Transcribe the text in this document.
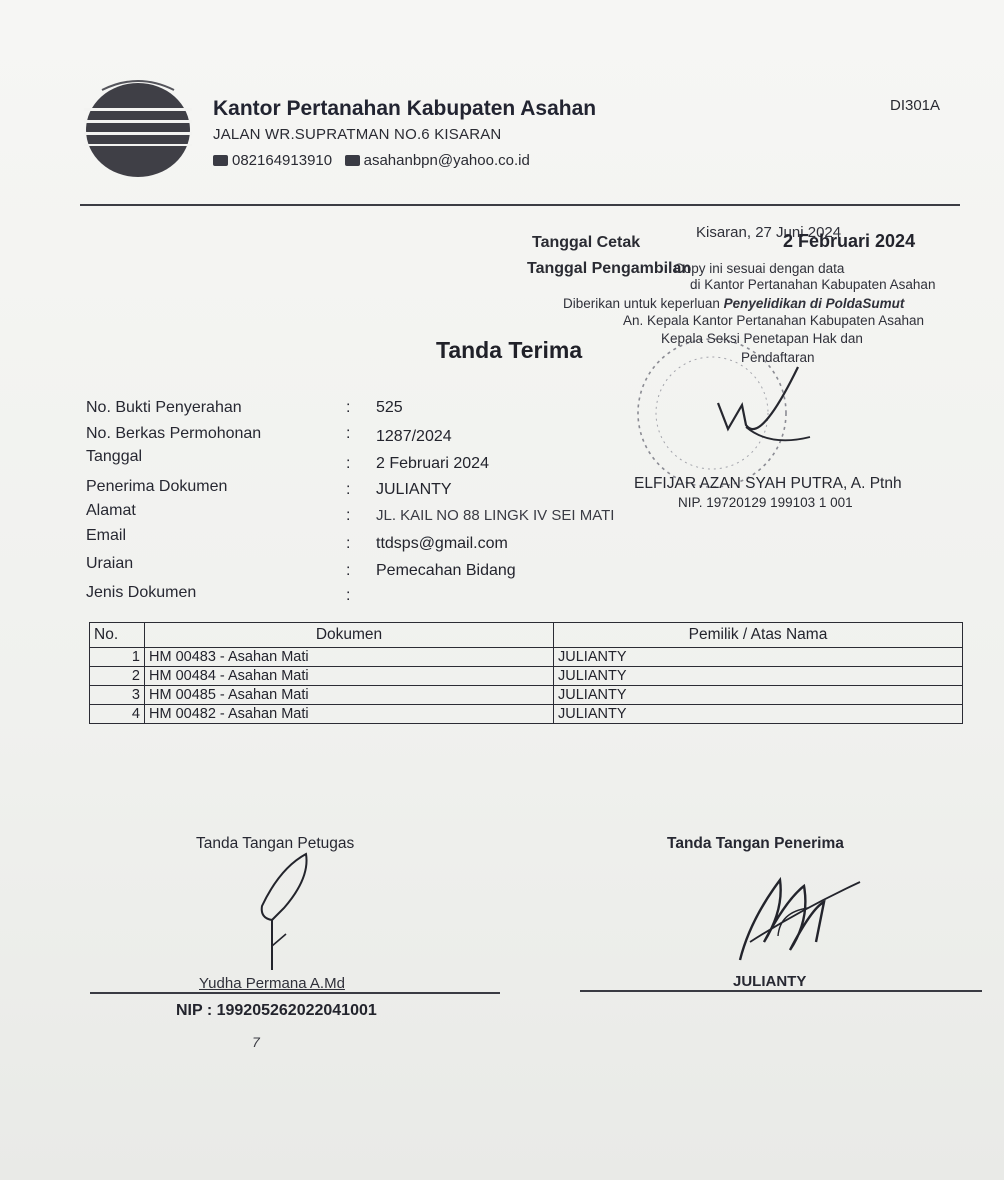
Kantor Pertanahan Kabupaten Asahan
JALAN WR.SUPRATMAN NO.6 KISARAN
082164913910 asahanbpn@yahoo.co.id
DI301A
Tanggal Cetak
Kisaran, 27 Juni 2024
2 Februari 2024
Tanggal Pengambilan
Copy ini sesuai dengan data
di Kantor Pertanahan Kabupaten Asahan
Diberikan untuk keperluan Penyelidikan di PoldaSumut
An. Kepala Kantor Pertanahan Kabupaten Asahan
Kepala Seksi Penetapan Hak dan
Pendaftaran
ELFIJAR AZAN SYAH PUTRA, A. Ptnh
NIP. 19720129 199103 1 001
Tanda Terima
No. Bukti Penyerahan	: 525
No. Berkas Permohonan	: 1287/2024
Tanggal	: 2 Februari 2024
Penerima Dokumen	: JULIANTY
Alamat	: JL. KAIL NO 88 LINGK IV SEI MATI
Email	: ttdsps@gmail.com
Uraian	: Pemecahan Bidang
Jenis Dokumen	:
No.	Dokumen	Pemilik / Atas Nama
1	HM 00483 - Asahan Mati	JULIANTY
2	HM 00484 - Asahan Mati	JULIANTY
3	HM 00485 - Asahan Mati	JULIANTY
4	HM 00482 - Asahan Mati	JULIANTY
Tanda Tangan Petugas	Tanda Tangan Penerima
Yudha Permana A.Md	JULIANTY
NIP : 199205262022041001
7
